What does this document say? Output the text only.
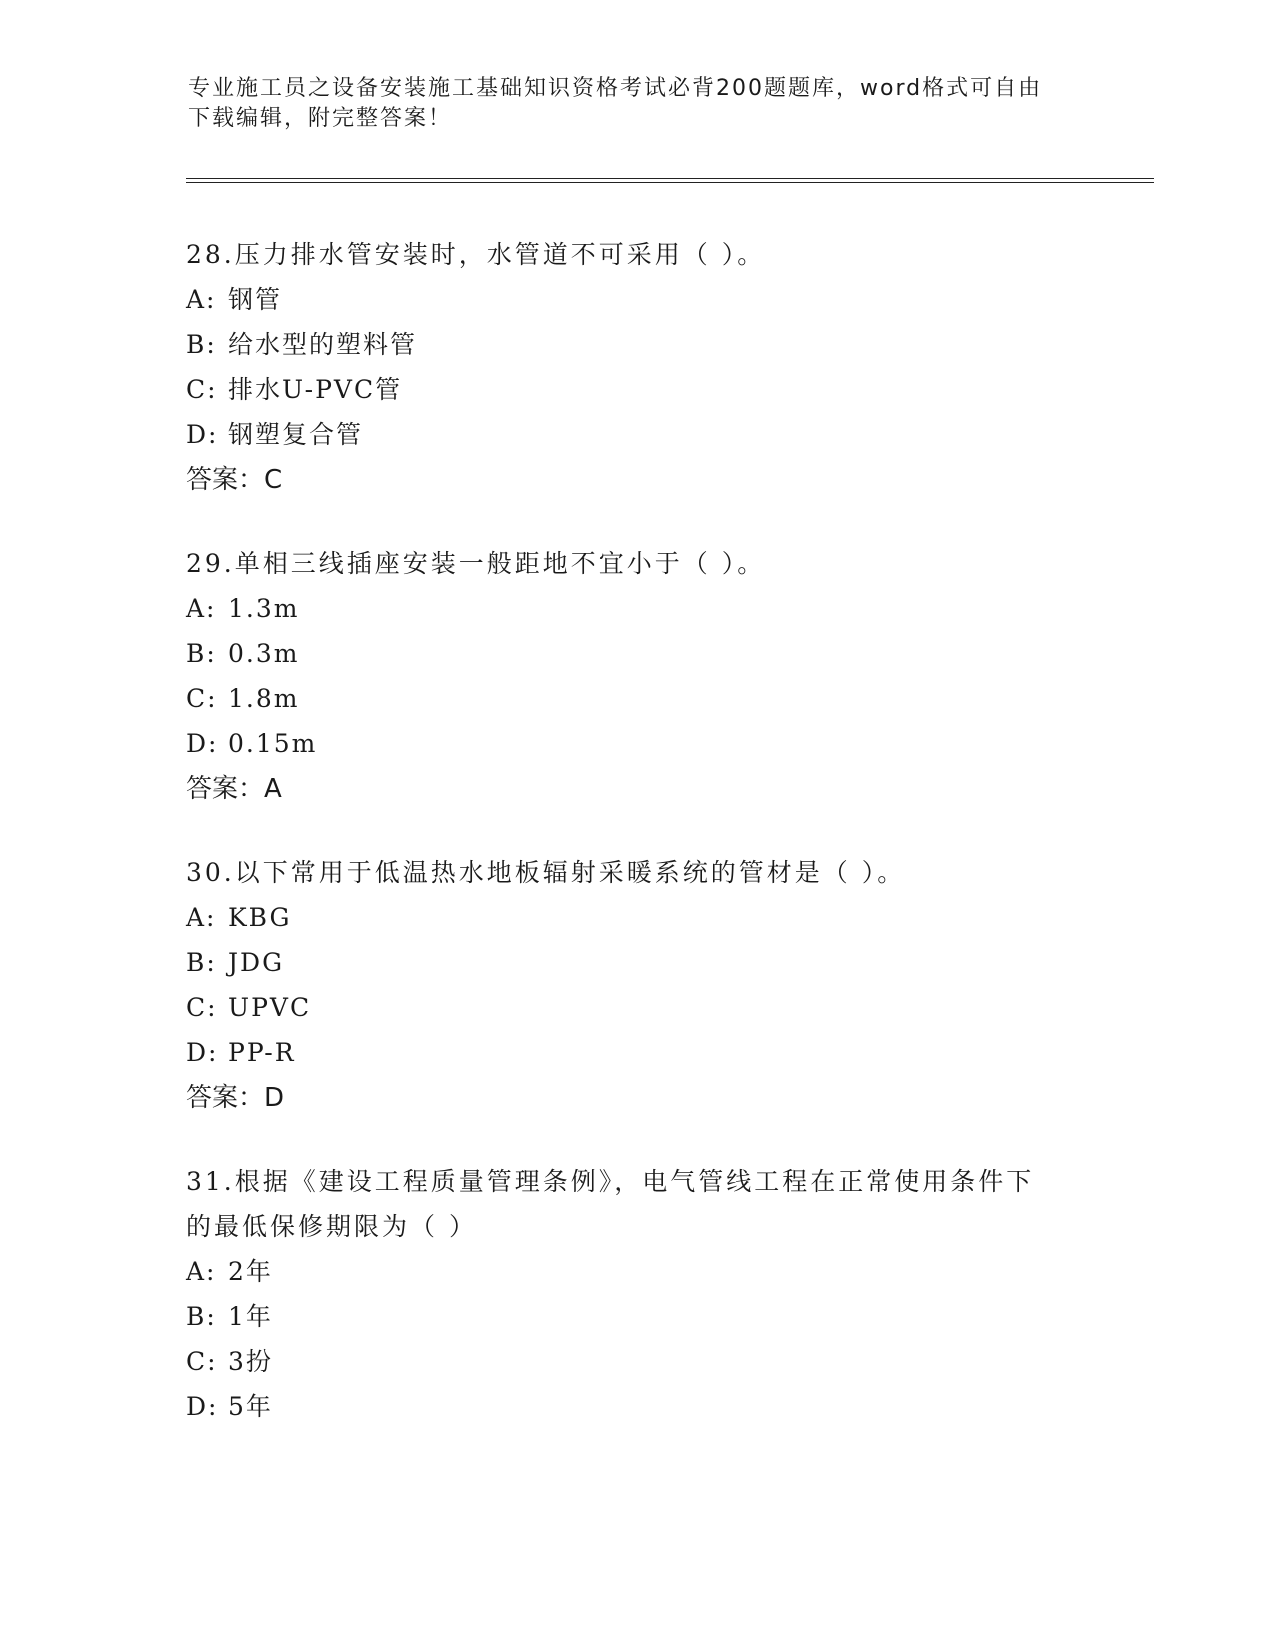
专业施工员之设备安装施工基础知识资格考试必背200题题库，word格式可自由
下载编辑，附完整答案！

28.压力排水管安装时，水管道不可采用（ ）。

A: 钢管

B: 给水型的塑料管

C: 排水U-PVC管

D: 钢塑复合管

答案：C

29.单相三线插座安装一般距地不宜小于（ ）。

A: 1.3m

B: 0.3m

C: 1.8m

D: 0.15m

答案：A

30.以下常用于低温热水地板辐射采暖系统的管材是（ ）。

A: KBG

B: JDG

C: UPVC

D: PP-R

答案：D

31.根据《建设工程质量管理条例》，电气管线工程在正常使用条件下

的最低保修期限为（ ）

A: 2年

B: 1年

C: 3扮

D: 5年
